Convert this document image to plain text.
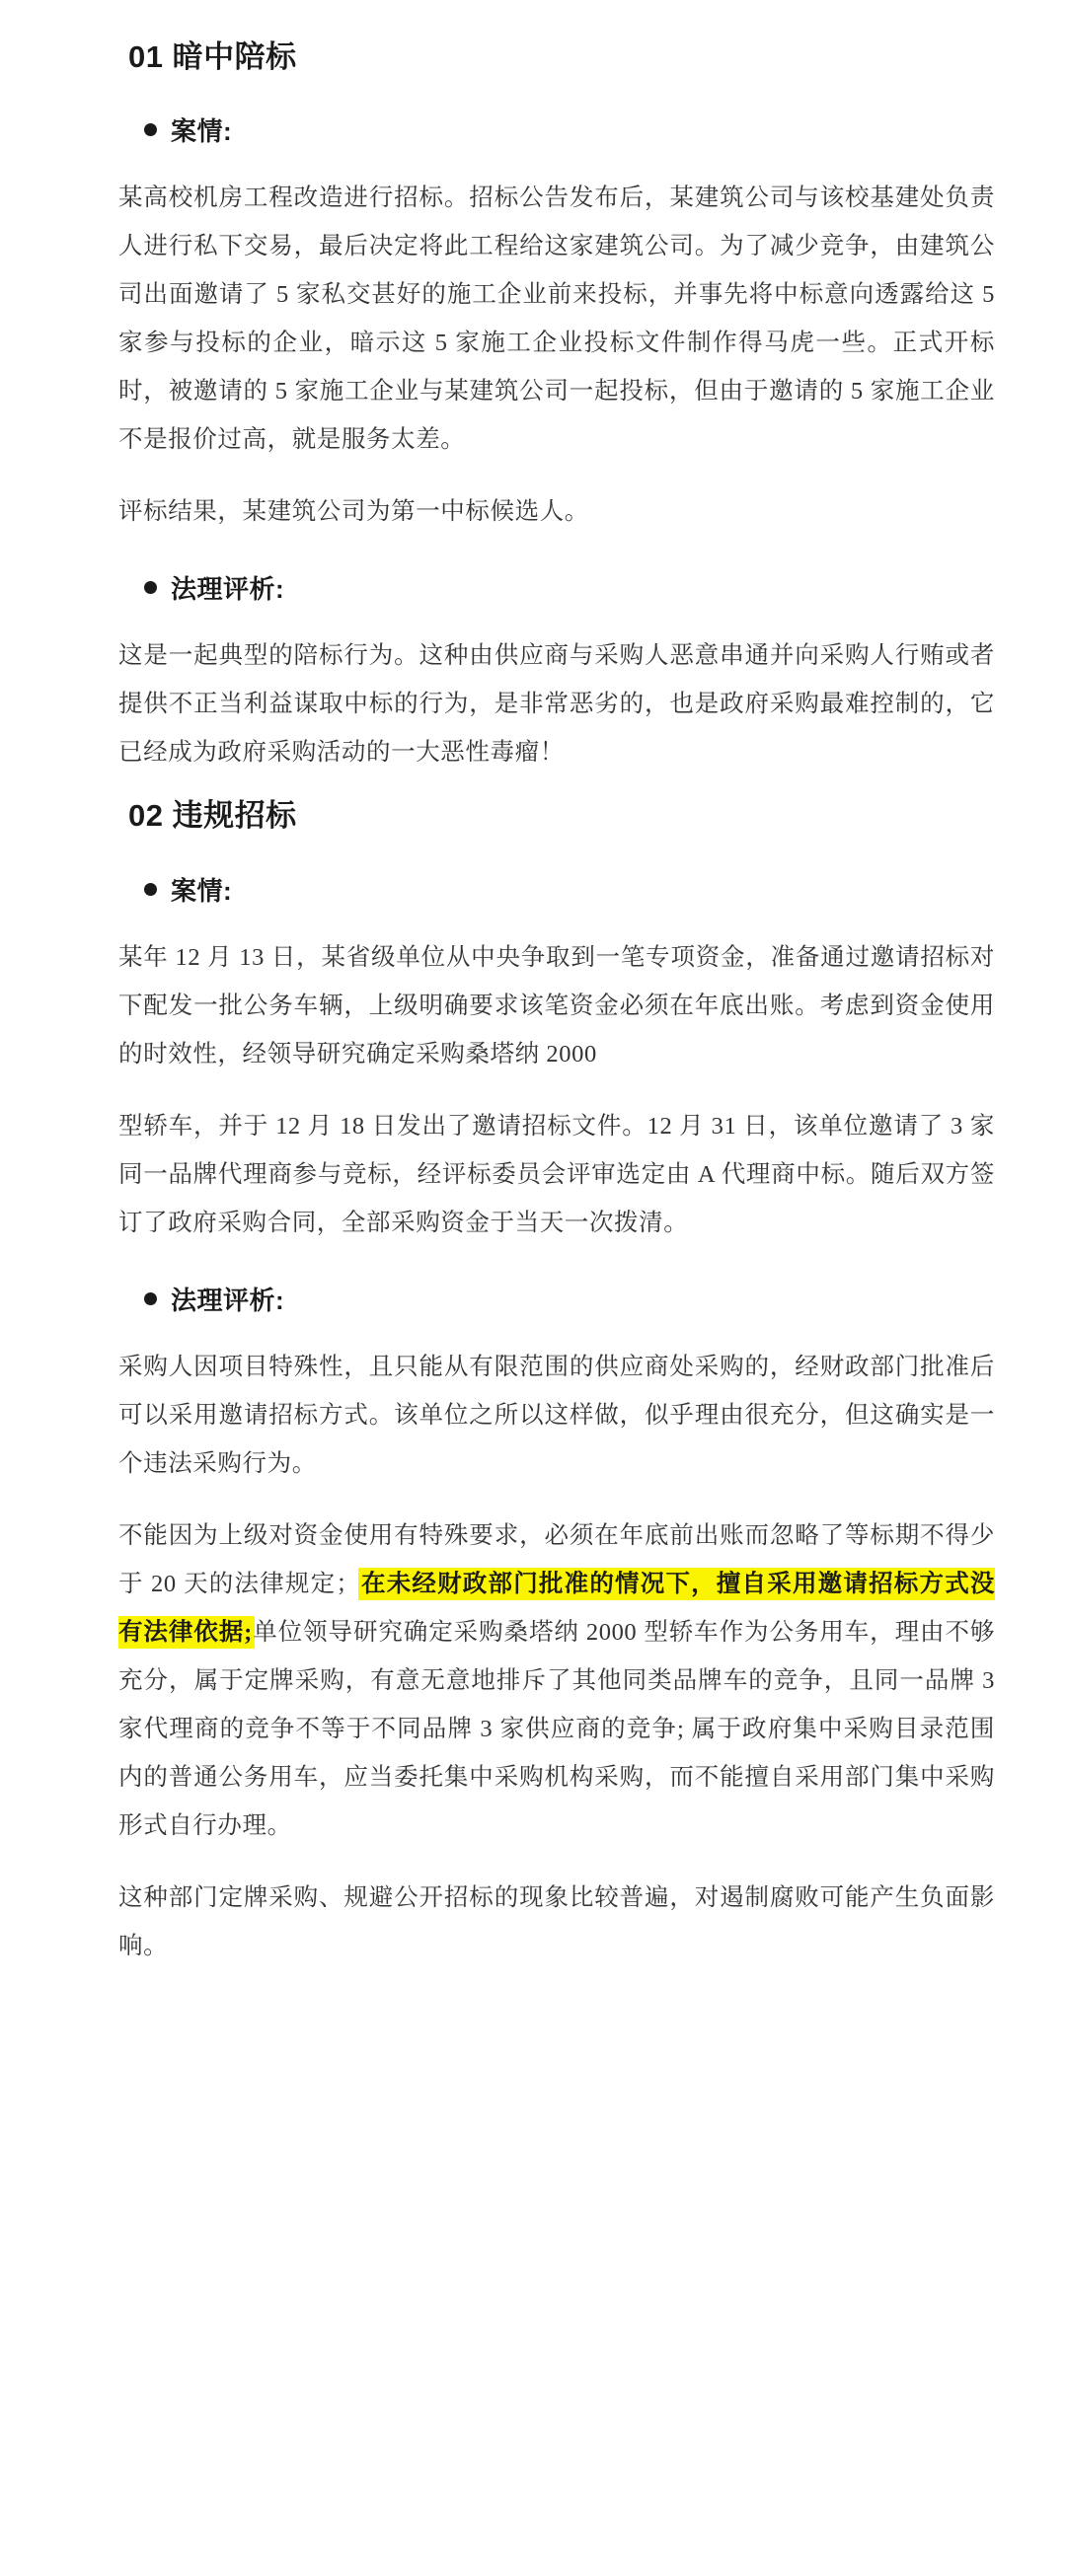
01 暗中陪标
案情:

某高校机房工程改造进行招标。招标公告发布后，某建筑公司与该校基建处负责人进行私下交易，最后决定将此工程给这家建筑公司。为了减少竞争，由建筑公司出面邀请了 5 家私交甚好的施工企业前来投标，并事先将中标意向透露给这 5 家参与投标的企业，暗示这 5 家施工企业投标文件制作得马虎一些。正式开标时，被邀请的 5 家施工企业与某建筑公司一起投标，但由于邀请的 5 家施工企业不是报价过高，就是服务太差。

评标结果，某建筑公司为第一中标候选人。

法理评析:

这是一起典型的陪标行为。这种由供应商与采购人恶意串通并向采购人行贿或者提供不正当利益谋取中标的行为，是非常恶劣的，也是政府采购最难控制的，它已经成为政府采购活动的一大恶性毒瘤！

02 违规招标
案情:

某年 12 月 13 日，某省级单位从中央争取到一笔专项资金，准备通过邀请招标对下配发一批公务车辆，上级明确要求该笔资金必须在年底出账。考虑到资金使用的时效性，经领导研究确定采购桑塔纳 2000

型轿车，并于 12 月 18 日发出了邀请招标文件。12 月 31 日，该单位邀请了 3 家同一品牌代理商参与竞标，经评标委员会评审选定由 A 代理商中标。随后双方签订了政府采购合同，全部采购资金于当天一次拨清。

法理评析:

采购人因项目特殊性，且只能从有限范围的供应商处采购的，经财政部门批准后可以采用邀请招标方式。该单位之所以这样做，似乎理由很充分，但这确实是一个违法采购行为。

不能因为上级对资金使用有特殊要求，必须在年底前出账而忽略了等标期不得少于 20 天的法律规定；在未经财政部门批准的情况下，擅自采用邀请招标方式没有法律依据;单位领导研究确定采购桑塔纳 2000 型轿车作为公务用车，理由不够充分，属于定牌采购，有意无意地排斥了其他同类品牌车的竞争，且同一品牌 3 家代理商的竞争不等于不同品牌 3 家供应商的竞争; 属于政府集中采购目录范围内的普通公务用车，应当委托集中采购机构采购，而不能擅自采用部门集中采购形式自行办理。

这种部门定牌采购、规避公开招标的现象比较普遍，对遏制腐败可能产生负面影响。
